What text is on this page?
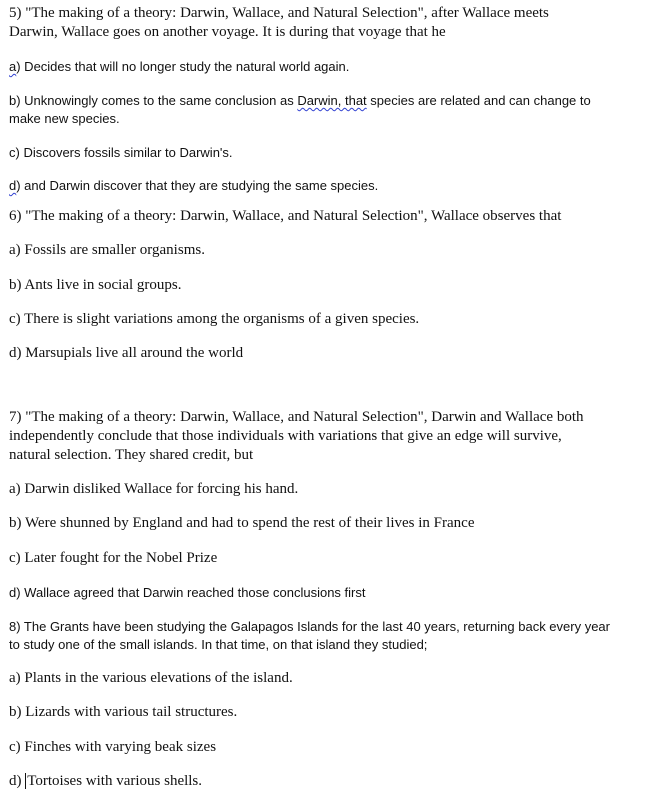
5) "The making of a theory: Darwin, Wallace, and Natural Selection", after Wallace meets
Darwin, Wallace goes on another voyage. It is during that voyage that he
a) Decides that will no longer study the natural world again.
b) Unknowingly comes to the same conclusion as Darwin, that species are related and can change to
make new species.
c) Discovers fossils similar to Darwin's.
d) and Darwin discover that they are studying the same species.
6) "The making of a theory: Darwin, Wallace, and Natural Selection", Wallace observes that
a) Fossils are smaller organisms.
b) Ants live in social groups.
c) There is slight variations among the organisms of a given species.
d) Marsupials live all around the world
7) "The making of a theory: Darwin, Wallace, and Natural Selection", Darwin and Wallace both
independently conclude that those individuals with variations that give an edge will survive,
natural selection. They shared credit, but
a) Darwin disliked Wallace for forcing his hand.
b) Were shunned by England and had to spend the rest of their lives in France
c) Later fought for the Nobel Prize
d) Wallace agreed that Darwin reached those conclusions first
8) The Grants have been studying the Galapagos Islands for the last 40 years, returning back every year
to study one of the small islands. In that time, on that island they studied;
a) Plants in the various elevations of the island.
b) Lizards with various tail structures.
c) Finches with varying beak sizes
d) Tortoises with various shells.
